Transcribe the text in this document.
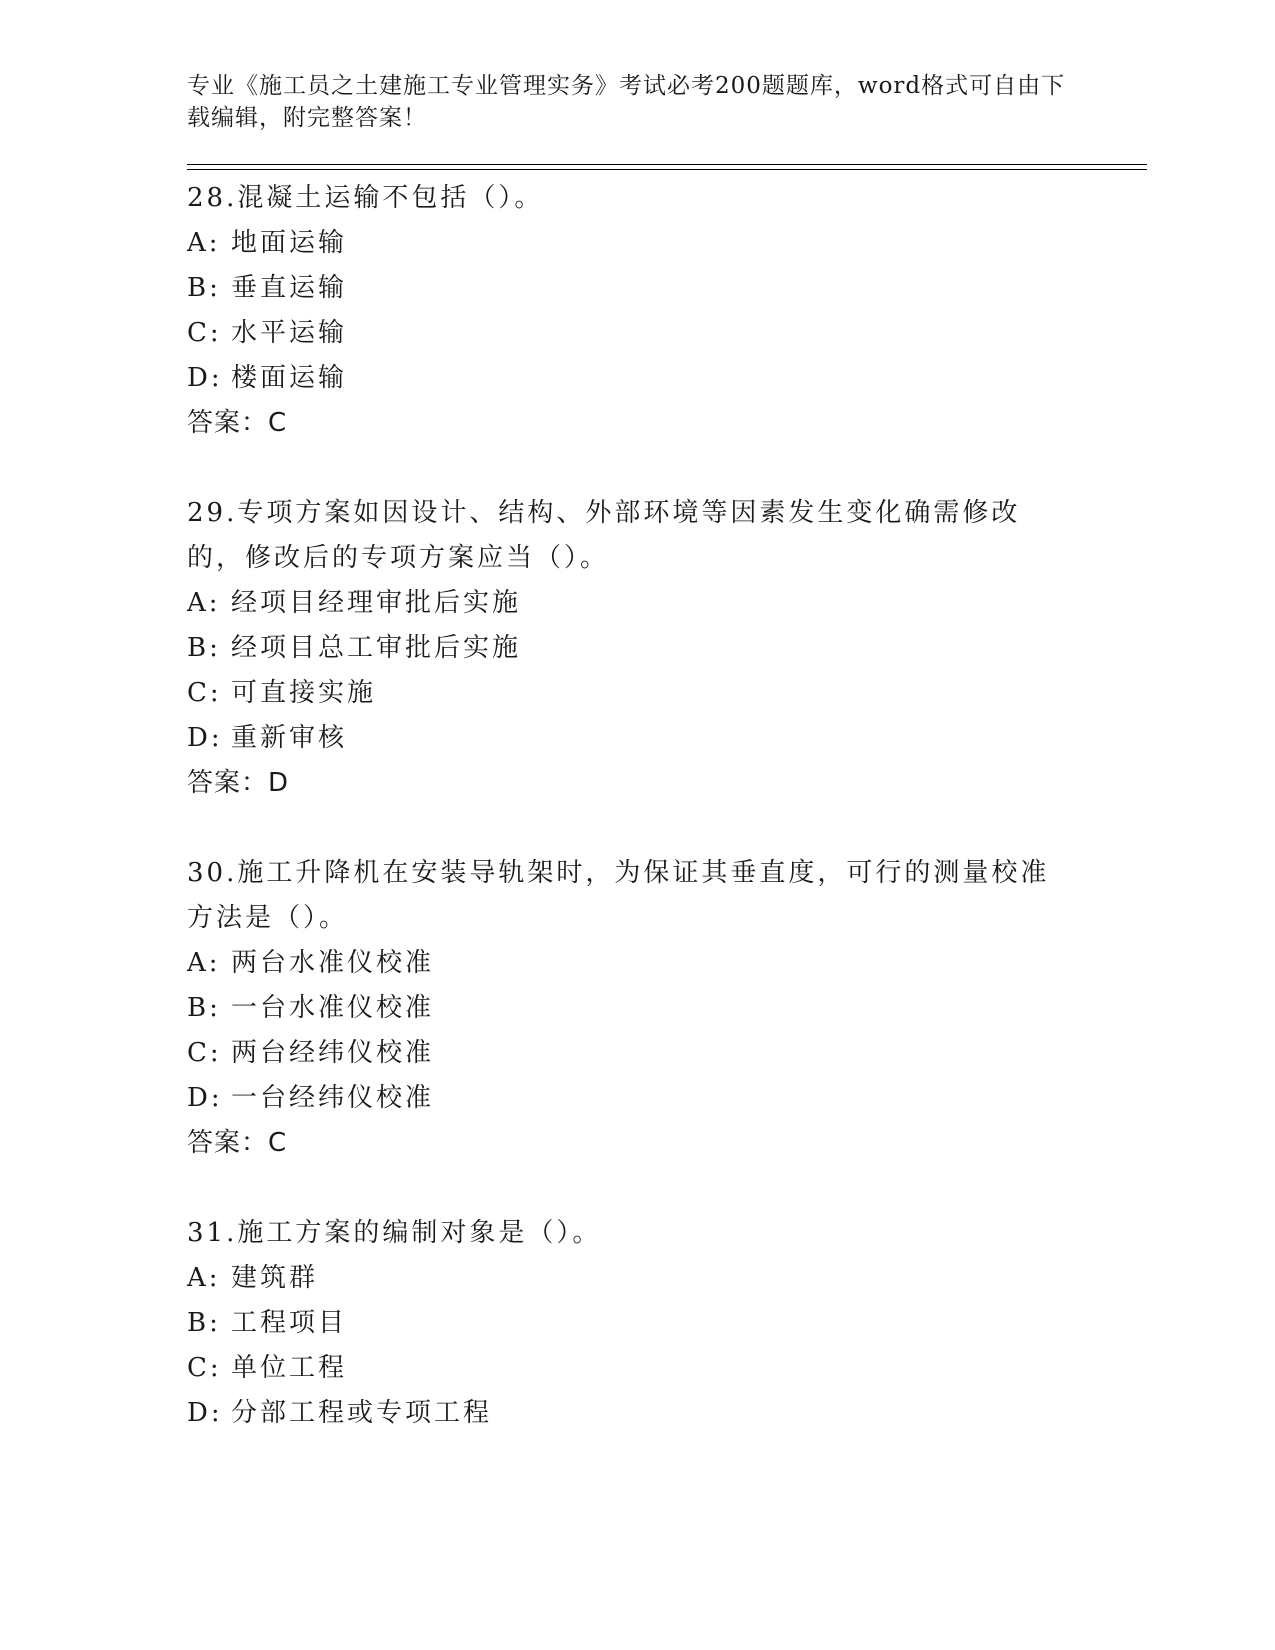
专业《施工员之土建施工专业管理实务》考试必考200题题库，word格式可自由下载编辑，附完整答案！

28.混凝土运输不包括（）。

A: 地面运输

B: 垂直运输

C: 水平运输

D: 楼面运输

答案：C

29.专项方案如因设计、结构、外部环境等因素发生变化确需修改的，修改后的专项方案应当（）。

A: 经项目经理审批后实施

B: 经项目总工审批后实施

C: 可直接实施

D: 重新审核

答案：D

30.施工升降机在安装导轨架时，为保证其垂直度，可行的测量校准方法是（）。

A: 两台水准仪校准

B: 一台水准仪校准

C: 两台经纬仪校准

D: 一台经纬仪校准

答案：C

31.施工方案的编制对象是（）。

A: 建筑群

B: 工程项目

C: 单位工程

D: 分部工程或专项工程
